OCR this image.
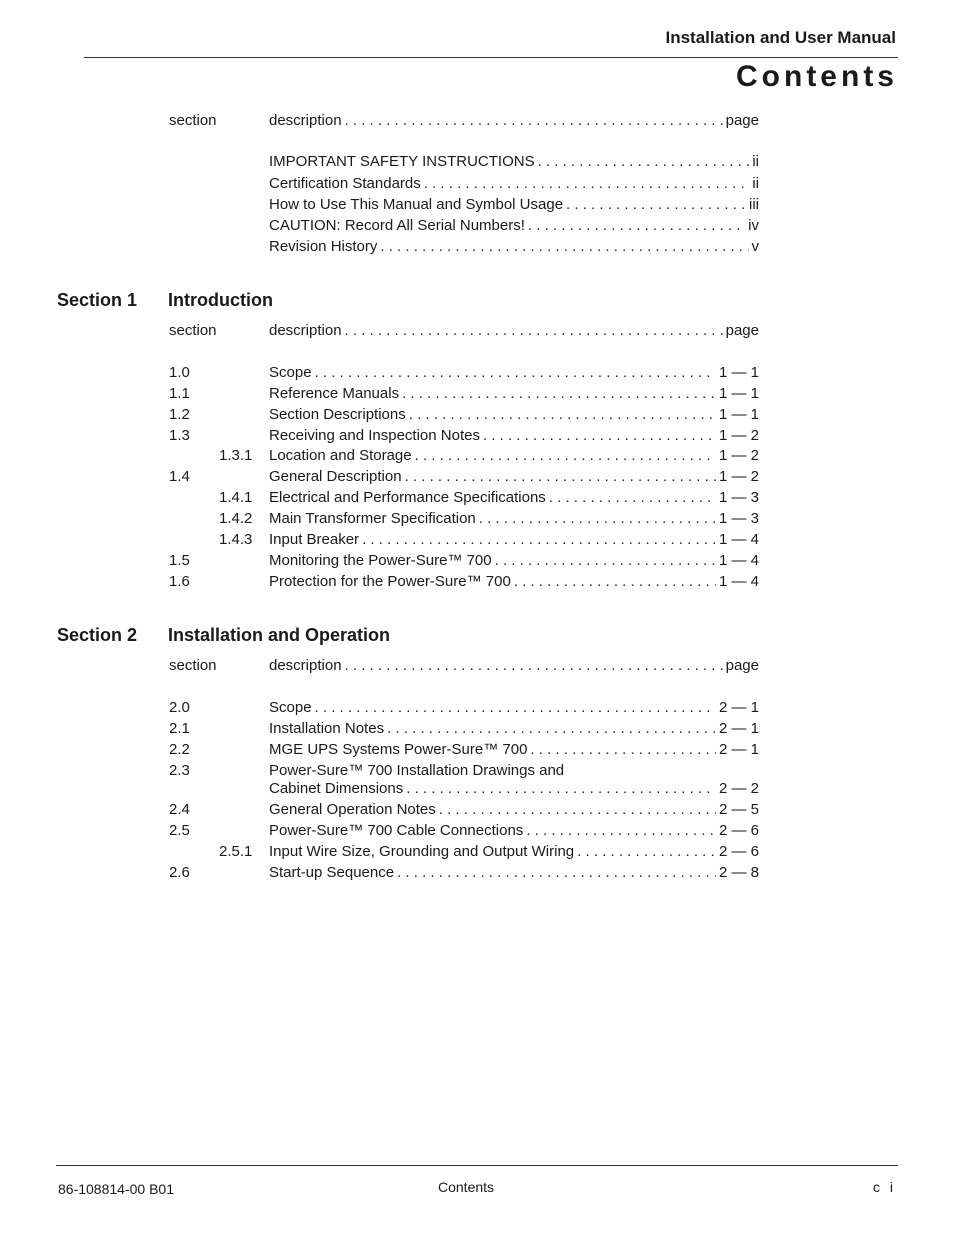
Installation and User Manual
Contents
section	description . . .	page
IMPORTANT SAFETY INSTRUCTIONS . . .	ii
Certification Standards . . .	ii
How to Use This Manual and Symbol Usage . . .	iii
CAUTION: Record All Serial Numbers! . . .	iv
Revision History . . .	v
Section 1 Introduction
section	description . . .	page
1.0	Scope . . .	1 — 1
1.1	Reference Manuals . . .	1 — 1
1.2	Section Descriptions . . .	1 — 1
1.3	Receiving and Inspection Notes . . .	1 — 2
1.3.1 Location and Storage . . .	1 — 2
1.4	General Description . . .	1 — 2
1.4.1 Electrical and Performance Specifications . . .	1 — 3
1.4.2 Main Transformer Specification . . .	1 — 3
1.4.3 Input Breaker . . .	1 — 4
1.5	Monitoring the Power-Sure™ 700 . . .	1 — 4
1.6	Protection for the Power-Sure™ 700 . . .	1 — 4
Section 2 Installation and Operation
section	description . . .	page
2.0	Scope . . .	2 — 1
2.1	Installation Notes . . .	2 — 1
2.2	MGE UPS Systems Power-Sure™ 700 . . .	2 — 1
2.3	Power-Sure™ 700 Installation Drawings and
Cabinet Dimensions . . .	2 — 2
2.4	General Operation Notes . . .	2 — 5
2.5	Power-Sure™ 700 Cable Connections . . .	2 — 6
2.5.1 Input Wire Size, Grounding and Output Wiring . . .	2 — 6
2.6	Start-up Sequence . . .	2 — 8
86-108814-00 B01	Contents	c i
